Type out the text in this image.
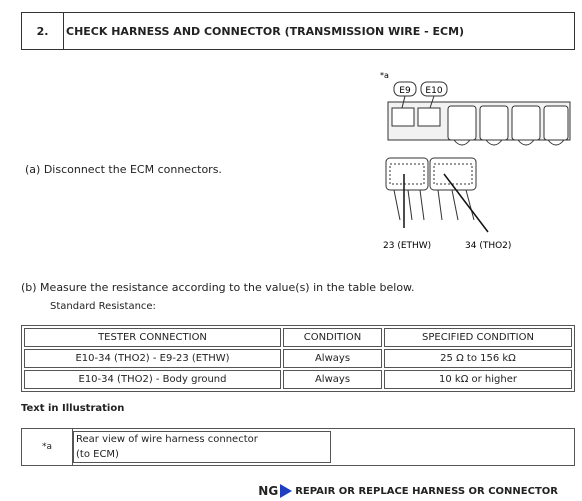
2.	CHECK HARNESS AND CONNECTOR (TRANSMISSION WIRE - ECM)
(a) Disconnect the ECM connectors.
*a
E9 E10
23 (ETHW)	34 (THO2)
(b) Measure the resistance according to the value(s) in the table below.
Standard Resistance:
TESTER CONNECTION	CONDITION	SPECIFIED CONDITION
E10-34 (THO2) - E9-23 (ETHW)	Always	25 Ω to 156 kΩ
E10-34 (THO2) - Body ground	Always	10 kΩ or higher
Text in Illustration
*a
Rear view of wire harness connector
(to ECM)
NG REPAIR OR REPLACE HARNESS OR CONNECTOR
